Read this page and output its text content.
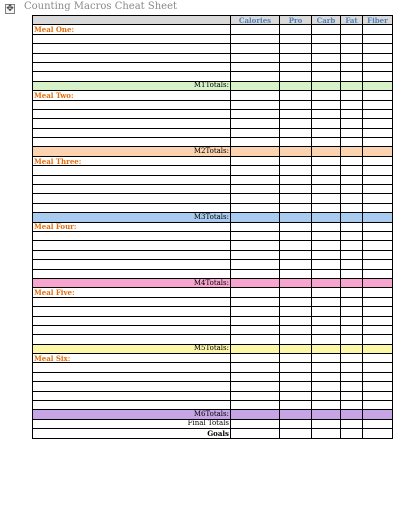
✥ Counting Macros Cheat Sheet
	Calories	Pro	Carb	Fat	Fiber
Meal One:					

M1Totals:					
Meal Two:					

M2Totals:					
Meal Three:					

M3Totals:					
Meal Four:					

M4Totals:					
Meal Five:					

M5Totals:					
Meal Six:					

M6Totals:					
Final Totals					
Goals					
